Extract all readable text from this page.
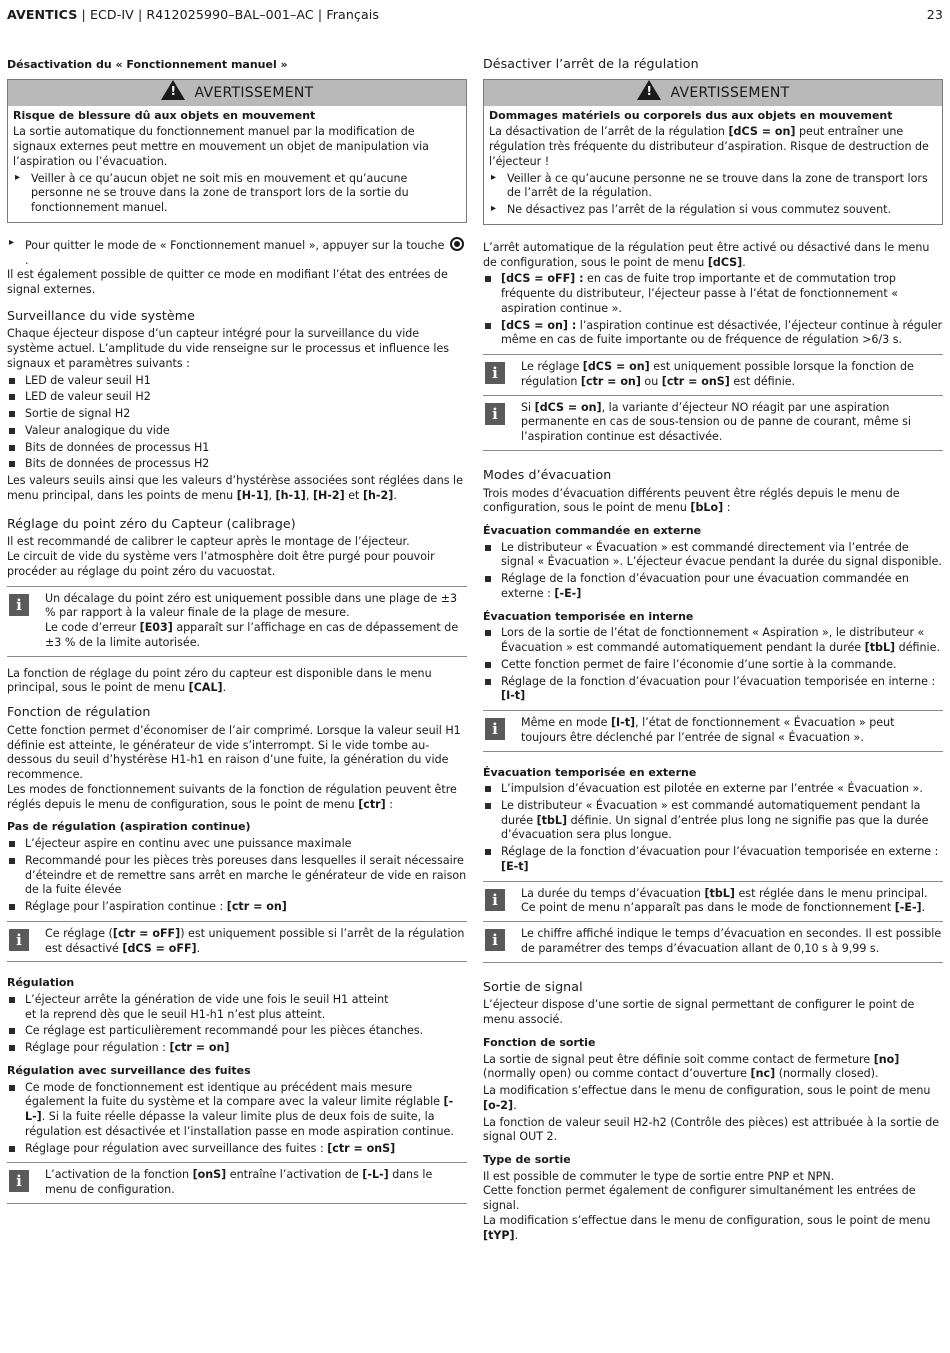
AVENTICS | ECD-IV | R412025990–BAL–001–AC | Français	23
Désactivation du « Fonctionnement manuel »
! AVERTISSEMENT
Risque de blessure dû aux objets en mouvement

La sortie automatique du fonctionnement manuel par la modification de signaux externes peut mettre en mouvement un objet de manipulation via l’aspiration ou l’évacuation.

▸ Veiller à ce qu’aucun objet ne soit mis en mouvement et qu’aucune personne ne se trouve dans la zone de transport lors de la sortie du fonctionnement manuel.
▸ Pour quitter le mode de « Fonctionnement manuel », appuyer sur la touche .

Il est également possible de quitter ce mode en modifiant l’état des entrées de signal externes.

Surveillance du vide système

Chaque éjecteur dispose d’un capteur intégré pour la surveillance du vide système actuel. L’amplitude du vide renseigne sur le processus et influence les signaux et paramètres suivants :

LED de valeur seuil H1
LED de valeur seuil H2
Sortie de signal H2
Valeur analogique du vide
Bits de données de processus H1
Bits de données de processus H2

Les valeurs seuils ainsi que les valeurs d’hystérèse associées sont réglées dans le menu principal, dans les points de menu [H-1], [h-1], [H-2] et [h-2].

Réglage du point zéro du Capteur (calibrage)

Il est recommandé de calibrer le capteur après le montage de l’éjecteur.

Le circuit de vide du système vers l’atmosphère doit être purgé pour pouvoir procéder au réglage du point zéro du vacuostat.

i	Un décalage du point zéro est uniquement possible dans une plage de ±3 % par rapport à la valeur finale de la plage de mesure.
Le code d’erreur [E03] apparaît sur l’affichage en cas de dépassement de ±3 % de la limite autorisée.

La fonction de réglage du point zéro du capteur est disponible dans le menu principal, sous le point de menu [CAL].

Fonction de régulation

Cette fonction permet d’économiser de l’air comprimé. Lorsque la valeur seuil H1 définie est atteinte, le générateur de vide s’interrompt. Si le vide tombe au-dessous du seuil d’hystérèse H1-h1 en raison d’une fuite, la génération du vide recommence.

Les modes de fonctionnement suivants de la fonction de régulation peuvent être réglés depuis le menu de configuration, sous le point de menu [ctr] :

Pas de régulation (aspiration continue)
L’éjecteur aspire en continu avec une puissance maximale
Recommandé pour les pièces très poreuses dans lesquelles il serait nécessaire d’éteindre et de remettre sans arrêt en marche le générateur de vide en raison de la fuite élevée
Réglage pour l’aspiration continue : [ctr = on]
i	Ce réglage ([ctr = oFF]) est uniquement possible si l’arrêt de la régulation est désactivé [dCS = oFF].
Régulation
L’éjecteur arrête la génération de vide une fois le seuil H1 atteint
et la reprend dès que le seuil H1-h1 n’est plus atteint.
Ce réglage est particulièrement recommandé pour les pièces étanches.
Réglage pour régulation : [ctr = on]
Régulation avec surveillance des fuites
Ce mode de fonctionnement est identique au précédent mais mesure également la fuite du système et la compare avec la valeur limite réglable [-L-]. Si la fuite réelle dépasse la valeur limite plus de deux fois de suite, la régulation est désactivée et l’installation passe en mode aspiration continue.
Réglage pour régulation avec surveillance des fuites : [ctr = onS]
i	L’activation de la fonction [onS] entraîne l’activation de [-L-] dans le menu de configuration.
Désactiver l’arrêt de la régulation
! AVERTISSEMENT
Dommages matériels ou corporels dus aux objets en mouvement

La désactivation de l’arrêt de la régulation [dCS = on] peut entraîner une régulation très fréquente du distributeur d’aspiration. Risque de destruction de l’éjecteur !

▸ Veiller à ce qu’aucune personne ne se trouve dans la zone de transport lors de l’arrêt de la régulation.
▸ Ne désactivez pas l’arrêt de la régulation si vous commutez souvent.

L’arrêt automatique de la régulation peut être activé ou désactivé dans le menu de configuration, sous le point de menu [dCS].

[dCS = oFF] : en cas de fuite trop importante et de commutation trop fréquente du distributeur, l’éjecteur passe à l’état de fonctionnement « aspiration continue ».
[dCS = on] : l’aspiration continue est désactivée, l’éjecteur continue à réguler même en cas de fuite importante ou de fréquence de régulation >6/3 s.
i	Le réglage [dCS = on] est uniquement possible lorsque la fonction de régulation [ctr = on] ou [ctr = onS] est définie.
i	Si [dCS = on], la variante d’éjecteur NO réagit par une aspiration permanente en cas de sous-tension ou de panne de courant, même si l’aspiration continue est désactivée.
Modes d’évacuation

Trois modes d’évacuation différents peuvent être réglés depuis le menu de configuration, sous le point de menu [bLo] :

Évacuation commandée en externe
Le distributeur « Évacuation » est commandé directement via l’entrée de signal « Évacuation ». L’éjecteur évacue pendant la durée du signal disponible.
Réglage de la fonction d’évacuation pour une évacuation commandée en externe : [-E-]
Évacuation temporisée en interne
Lors de la sortie de l’état de fonctionnement « Aspiration », le distributeur « Évacuation » est commandé automatiquement pendant la durée [tbL] définie.
Cette fonction permet de faire l’économie d’une sortie à la commande.
Réglage de la fonction d’évacuation pour l’évacuation temporisée en interne : [I-t]
i	Même en mode [I-t], l’état de fonctionnement « Évacuation » peut toujours être déclenché par l’entrée de signal « Évacuation ».
Évacuation temporisée en externe
L’impulsion d’évacuation est pilotée en externe par l’entrée « Évacuation ».
Le distributeur « Évacuation » est commandé automatiquement pendant la durée [tbL] définie. Un signal d’entrée plus long ne signifie pas que la durée d’évacuation sera plus longue.
Réglage de la fonction d’évacuation pour l’évacuation temporisée en externe : [E-t]
i	La durée du temps d’évacuation [tbL] est réglée dans le menu principal.
Ce point de menu n’apparaît pas dans le mode de fonctionnement [-E-].
i	Le chiffre affiché indique le temps d’évacuation en secondes. Il est possible de paramétrer des temps d’évacuation allant de 0,10 s à 9,99 s.
Sortie de signal

L’éjecteur dispose d’une sortie de signal permettant de configurer le point de menu associé.

Fonction de sortie

La sortie de signal peut être définie soit comme contact de fermeture [no] (normally open) ou comme contact d’ouverture [nc] (normally closed).

La modification s’effectue dans le menu de configuration, sous le point de menu [o-2].

La fonction de valeur seuil H2-h2 (Contrôle des pièces) est attribuée à la sortie de signal OUT 2.

Type de sortie

Il est possible de commuter le type de sortie entre PNP et NPN.

Cette fonction permet également de configurer simultanément les entrées de signal.

La modification s’effectue dans le menu de configuration, sous le point de menu [tYP].
